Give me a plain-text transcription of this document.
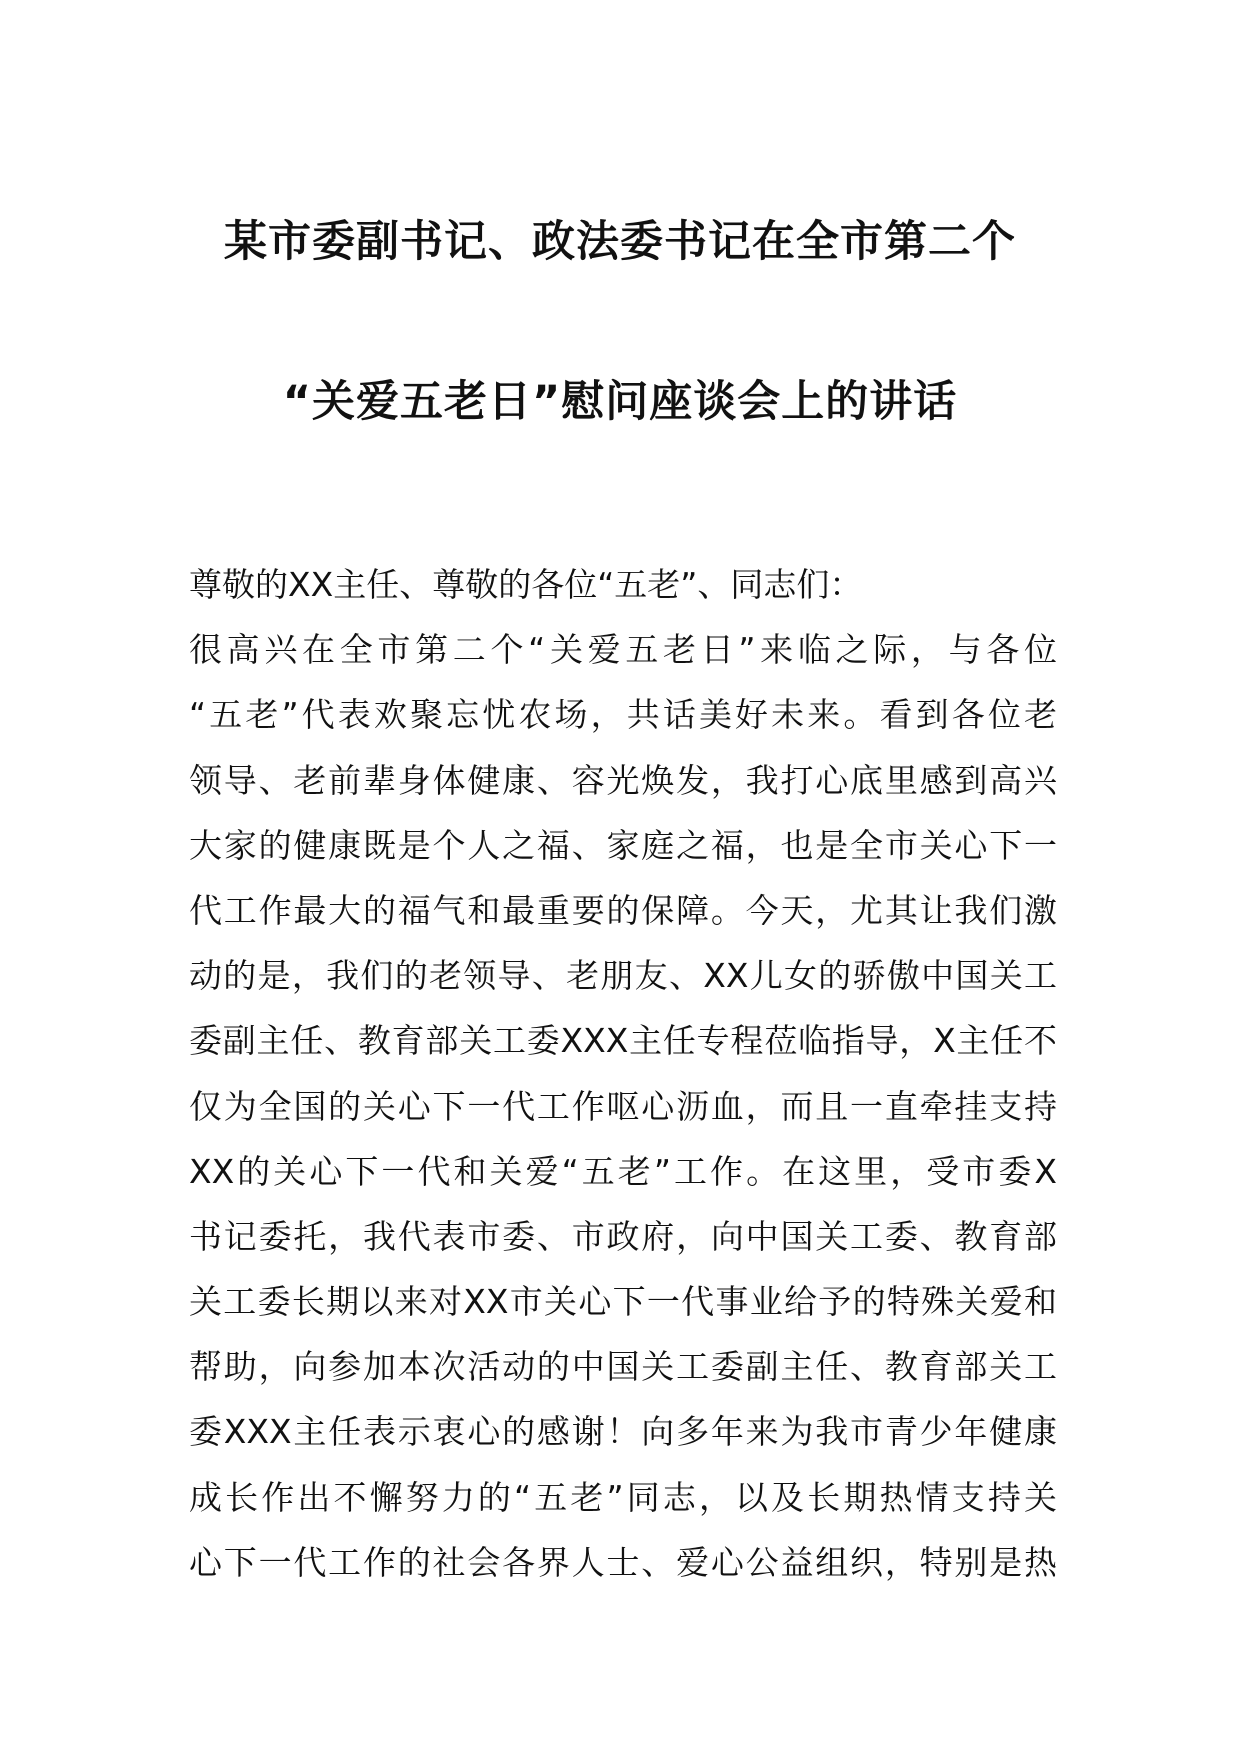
某市委副书记、政法委书记在全市第二个
“关爱五老日”慰问座谈会上的讲话
尊敬的XX主任、尊敬的各位“五老”、同志们：
很高兴在全市第二个“关爱五老日”来临之际，与各位
“五老”代表欢聚忘忧农场，共话美好未来。看到各位老
领导、老前辈身体健康、容光焕发，我打心底里感到高兴
大家的健康既是个人之福、家庭之福，也是全市关心下一
代工作最大的福气和最重要的保障。今天，尤其让我们激
动的是，我们的老领导、老朋友、XX儿女的骄傲中国关工
委副主任、教育部关工委XXX主任专程莅临指导，X主任不
仅为全国的关心下一代工作呕心沥血，而且一直牵挂支持
XX的关心下一代和关爱“五老”工作。在这里，受市委X
书记委托，我代表市委、市政府，向中国关工委、教育部
关工委长期以来对XX市关心下一代事业给予的特殊关爱和
帮助，向参加本次活动的中国关工委副主任、教育部关工
委XXX主任表示衷心的感谢！向多年来为我市青少年健康
成长作出不懈努力的“五老”同志，以及长期热情支持关
心下一代工作的社会各界人士、爱心公益组织，特别是热
